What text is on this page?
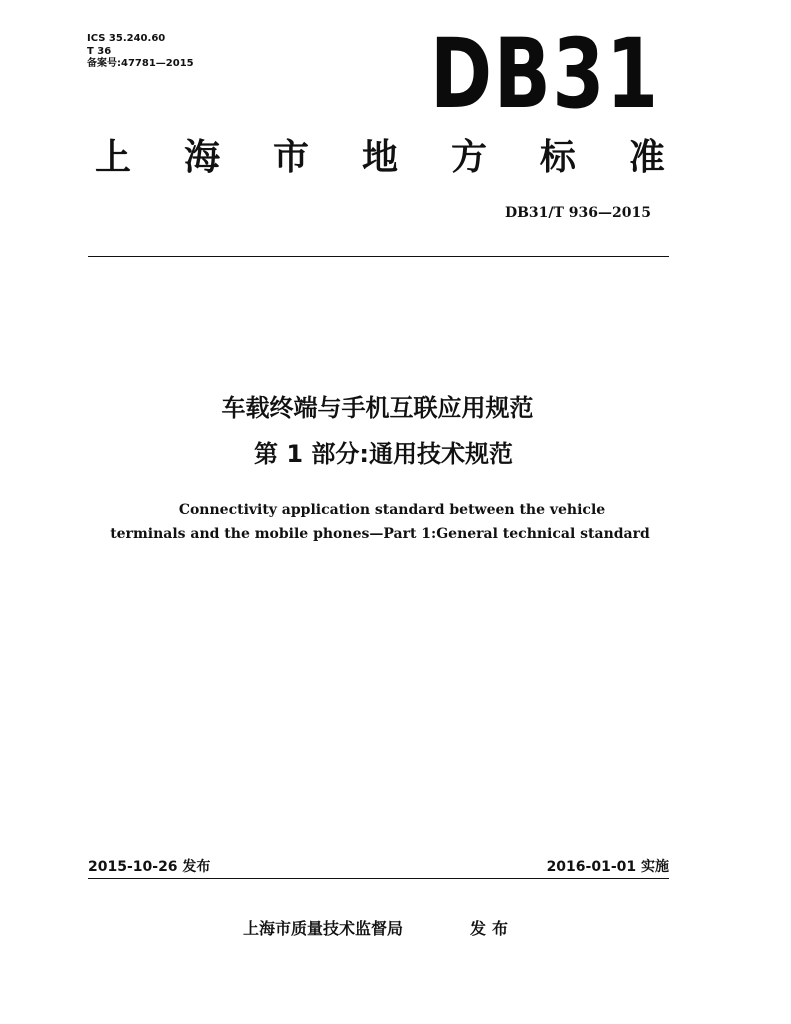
ICS 35.240.60
T 36
备案号:47781—2015 DB31
上 海 市 地 方 标 准
DB31/T 936—2015
车载终端与手机互联应用规范
第 1 部分:通用技术规范
Connectivity application standard between the vehicle
terminals and the mobile phones—Part 1:General technical standard
2015-10-26 发布	2016-01-01 实施
上海市质量技术监督局	发布
